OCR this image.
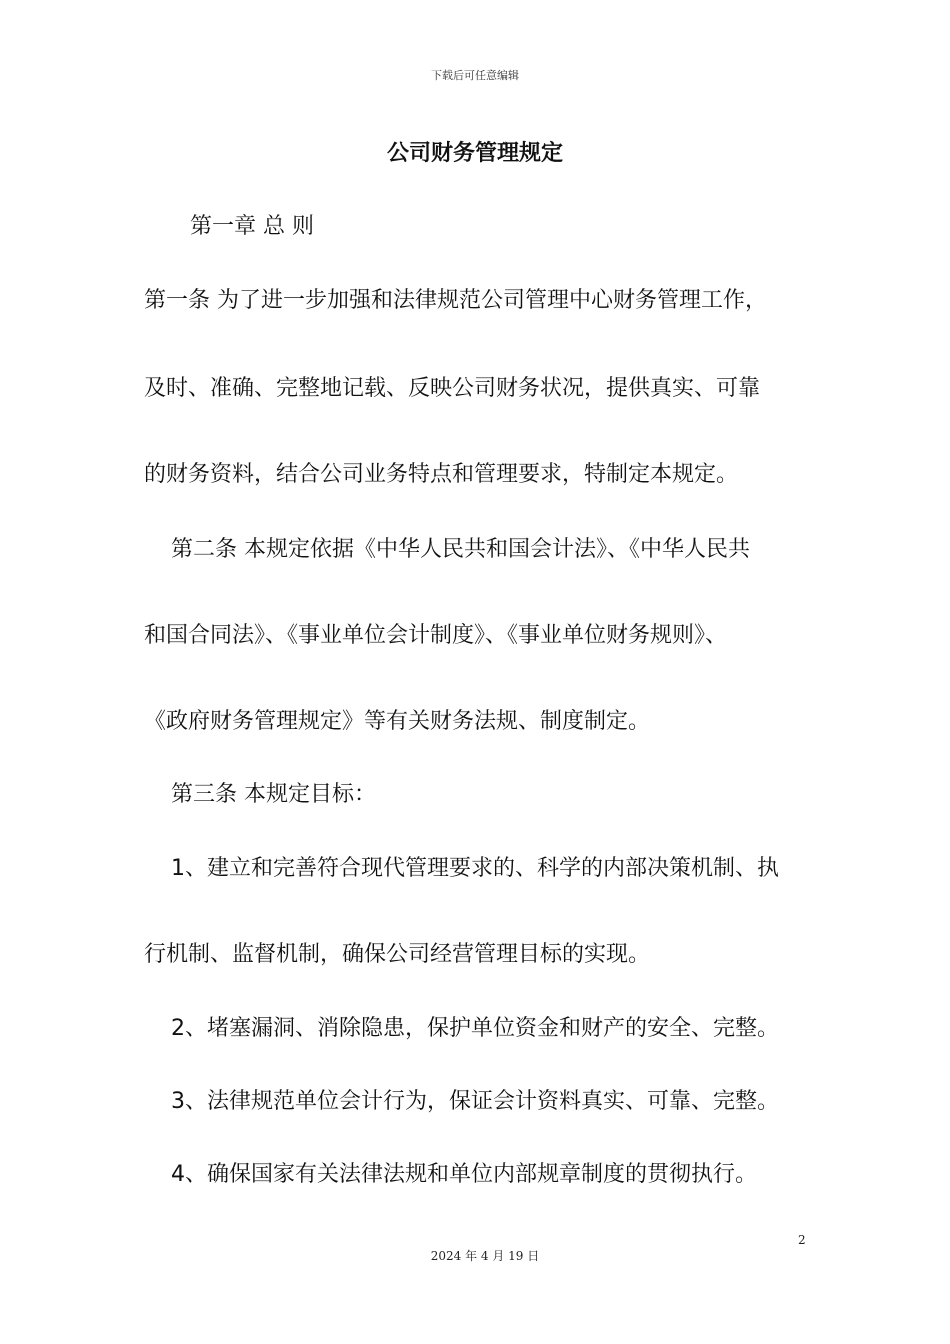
下载后可任意编辑
公司财务管理规定
第一章 总 则
第一条 为了进一步加强和法律规范公司管理中心财务管理工作，
及时、准确、完整地记载、反映公司财务状况，提供真实、可靠
的财务资料，结合公司业务特点和管理要求，特制定本规定。
第二条 本规定依据《中华人民共和国会计法》、《中华人民共
和国合同法》、《事业单位会计制度》、《事业单位财务规则》、
《政府财务管理规定》等有关财务法规、制度制定。
第三条 本规定目标：
1、建立和完善符合现代管理要求的、科学的内部决策机制、执
行机制、监督机制，确保公司经营管理目标的实现。
2、堵塞漏洞、消除隐患，保护单位资金和财产的安全、完整。
3、法律规范单位会计行为，保证会计资料真实、可靠、完整。
4、确保国家有关法律法规和单位内部规章制度的贯彻执行。
2
2024 年 4 月 19 日
